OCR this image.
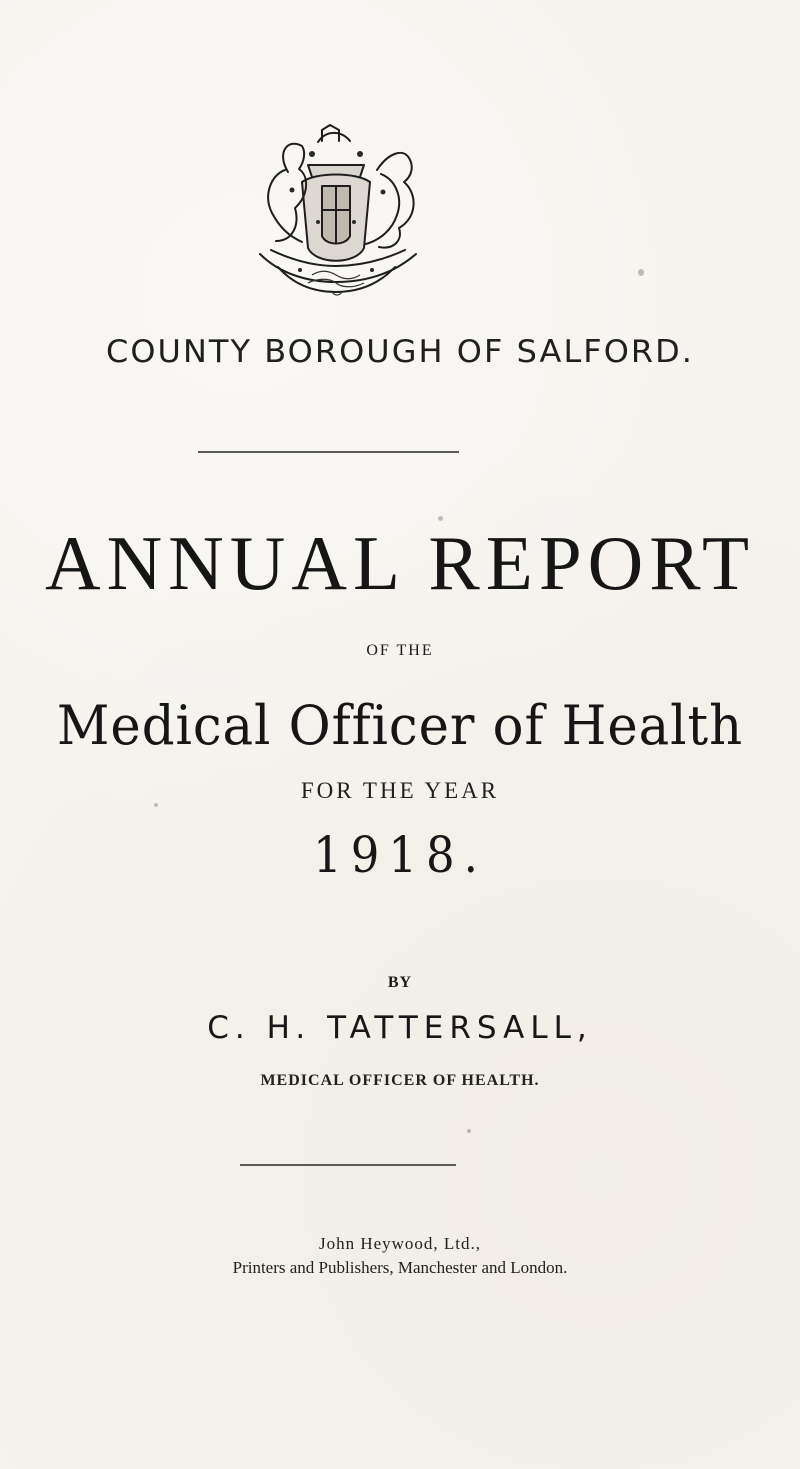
COUNTY BOROUGH OF SALFORD.
ANNUAL REPORT
OF THE
Medical Officer of Health
FOR THE YEAR
1918.
BY
C. H. TATTERSALL,
MEDICAL OFFICER OF HEALTH.
John Heywood, Ltd.,
Printers and Publishers, Manchester and London.
